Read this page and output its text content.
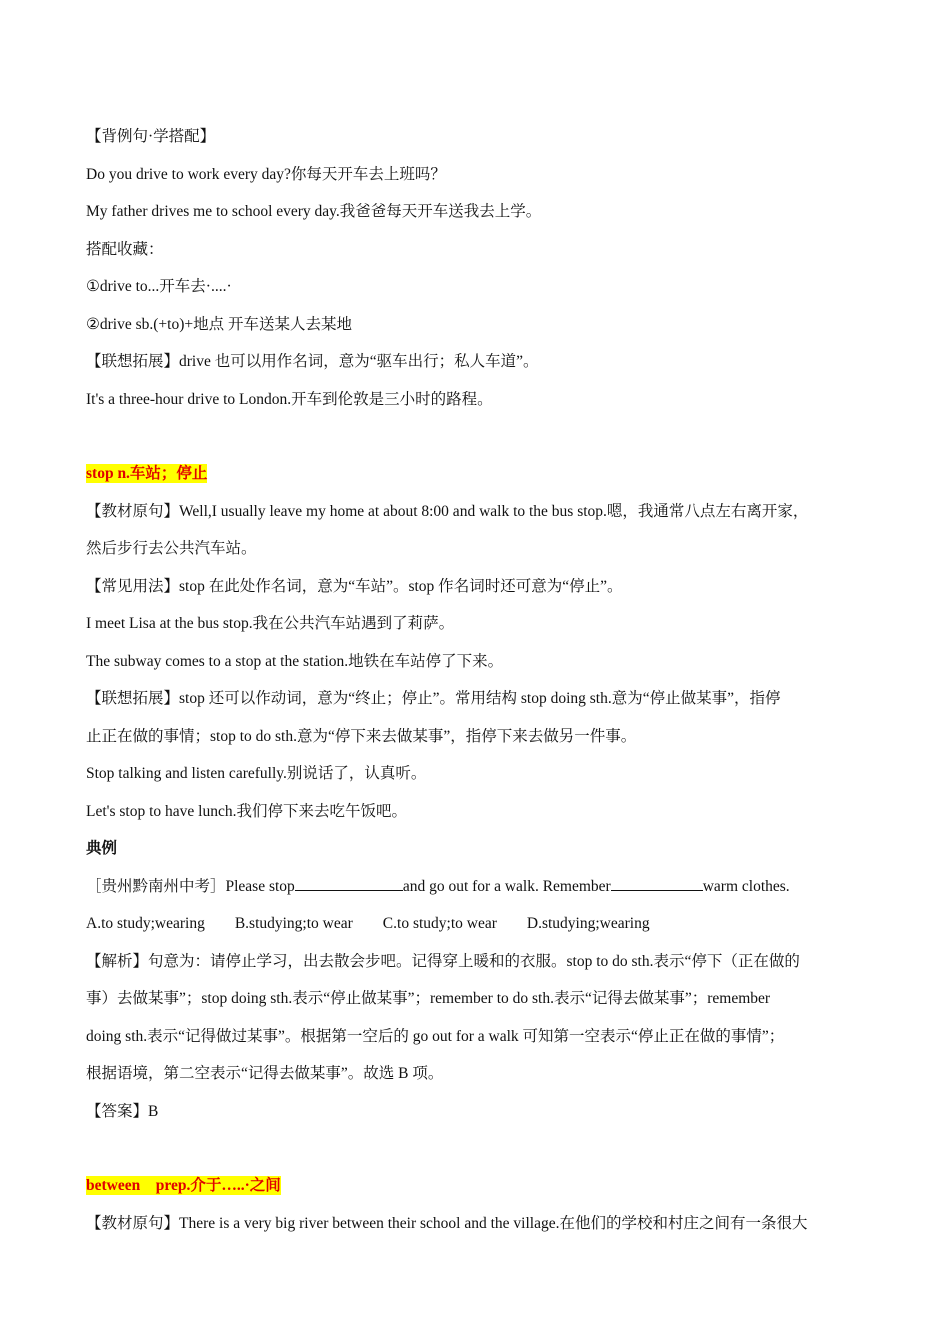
【背例句·学搭配】
Do you drive to work every day?你每天开车去上班吗？
My father drives me to school every day.我爸爸每天开车送我去上学。
搭配收藏：
①drive to...开车去·....·
②drive sb.(+to)+地点 开车送某人去某地
【联想拓展】drive 也可以用作名词，意为“驱车出行；私人车道”。
It's a three-hour drive to London.开车到伦敦是三小时的路程。
stop n.车站；停止
【教材原句】Well,I usually leave my home at about 8:00 and walk to the bus stop.嗯，我通常八点左右离开家，
然后步行去公共汽车站。
【常见用法】stop 在此处作名词，意为“车站”。stop 作名词时还可意为“停止”。
I meet Lisa at the bus stop.我在公共汽车站遇到了莉萨。
The subway comes to a stop at the station.地铁在车站停了下来。
【联想拓展】stop 还可以作动词，意为“终止；停止”。常用结构 stop doing sth.意为“停止做某事”，指停
止正在做的事情；stop to do sth.意为“停下来去做某事”，指停下来去做另一件事。
Stop talking and listen carefully.别说话了，认真听。
Let's stop to have lunch.我们停下来去吃午饭吧。
典例
［贵州黔南州中考］Please stop	and go out for a walk. Remember	warm clothes.
A.to study;wearing B.studying;to wear C.to study;to wear D.studying;wearing
【解析】句意为：请停止学习，出去散会步吧。记得穿上暖和的衣服。stop to do sth.表示“停下（正在做的
事）去做某事”；stop doing sth.表示“停止做某事”；remember to do sth.表示“记得去做某事”；remember
doing sth.表示“记得做过某事”。根据第一空后的 go out for a walk 可知第一空表示“停止正在做的事情”；
根据语境，第二空表示“记得去做某事”。故选 B 项。
【答案】B
between    prep.介于…..·之间
【教材原句】There is a very big river between their school and the village.在他们的学校和村庄之间有一条很大
